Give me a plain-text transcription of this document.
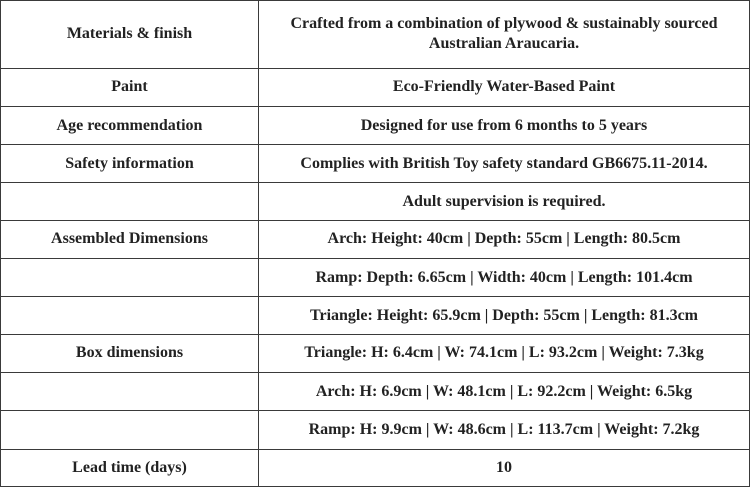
Materials & finish	Crafted from a combination of plywood & sustainably sourced Australian Araucaria.
Paint	Eco-Friendly Water-Based Paint
Age recommendation	Designed for use from 6 months to 5 years
Safety information	Complies with British Toy safety standard GB6675.11-2014.
	Adult supervision is required.
Assembled Dimensions	Arch: Height: 40cm | Depth: 55cm | Length: 80.5cm
	Ramp: Depth: 6.65cm | Width: 40cm | Length: 101.4cm
	Triangle: Height: 65.9cm | Depth: 55cm | Length: 81.3cm
Box dimensions	Triangle: H: 6.4cm | W: 74.1cm | L: 93.2cm | Weight: 7.3kg
	Arch: H: 6.9cm | W: 48.1cm | L: 92.2cm | Weight: 6.5kg
	Ramp: H: 9.9cm | W: 48.6cm | L: 113.7cm | Weight: 7.2kg
Lead time (days)	10
